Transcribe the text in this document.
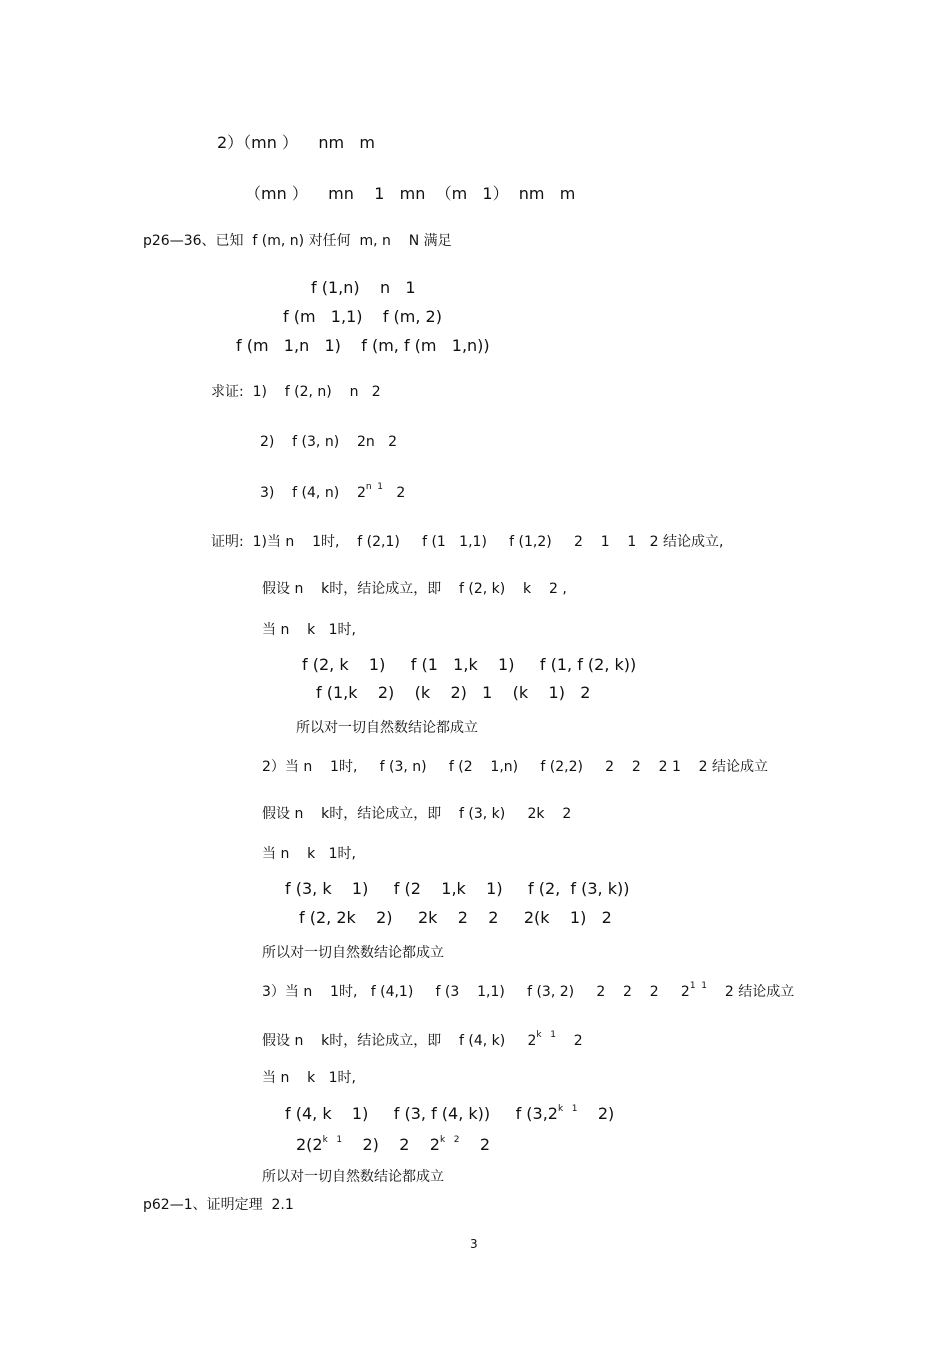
2）（mn ）    nm   m
（mn ）    mn    1   mn  （m   1）  nm   m
p26—36、已知  f (m, n) 对任何  m, n    N 满足
f (1,n)    n   1
f (m   1,1)    f (m, 2)
f (m   1,n   1)    f (m, f (m   1,n))
求证:  1)    f (2, n)    n   2
2)    f (3, n)    2n   2
3)    f (4, n)    $2^{n 1}$   2
证明:  1)当 n    1时,    f (2,1)     f (1   1,1)     f (1,2)     2    1    1   2 结论成立,
假设 n    k时，结论成立，即    f (2, k)    k    2 ,
当 n    k   1时,
f (2, k    1)     f (1   1,k    1)     f (1, f (2, k))
f (1,k    2)    (k    2)   1    (k    1)   2
所以对一切自然数结论都成立
2）当 n    1时,     f (3, n)     f (2    1,n)     f (2,2)     2    2    2 1    2 结论成立
假设 n    k时，结论成立，即    f (3, k)     2k    2
当 n    k   1时,
f (3, k    1)     f (2    1,k    1)     f (2,  f (3, k))
f (2, 2k    2)     2k    2    2     2(k    1)   2
所以对一切自然数结论都成立
3）当 n    1时,   f (4,1)     f (3    1,1)     f (3, 2)     2    2    2     $2^{1 1}$    2 结论成立
假设 n    k时，结论成立，即    f (4, k)     $2^{k 1}$    2
当 n    k   1时,
f (4, k    1)     f (3, f (4, k))     f ($3,2^{k 1}$    2)
$2(2^{k 1}$    2)    2    $2^{k 2}$    2
所以对一切自然数结论都成立
p62—1、证明定理  2.1
3
